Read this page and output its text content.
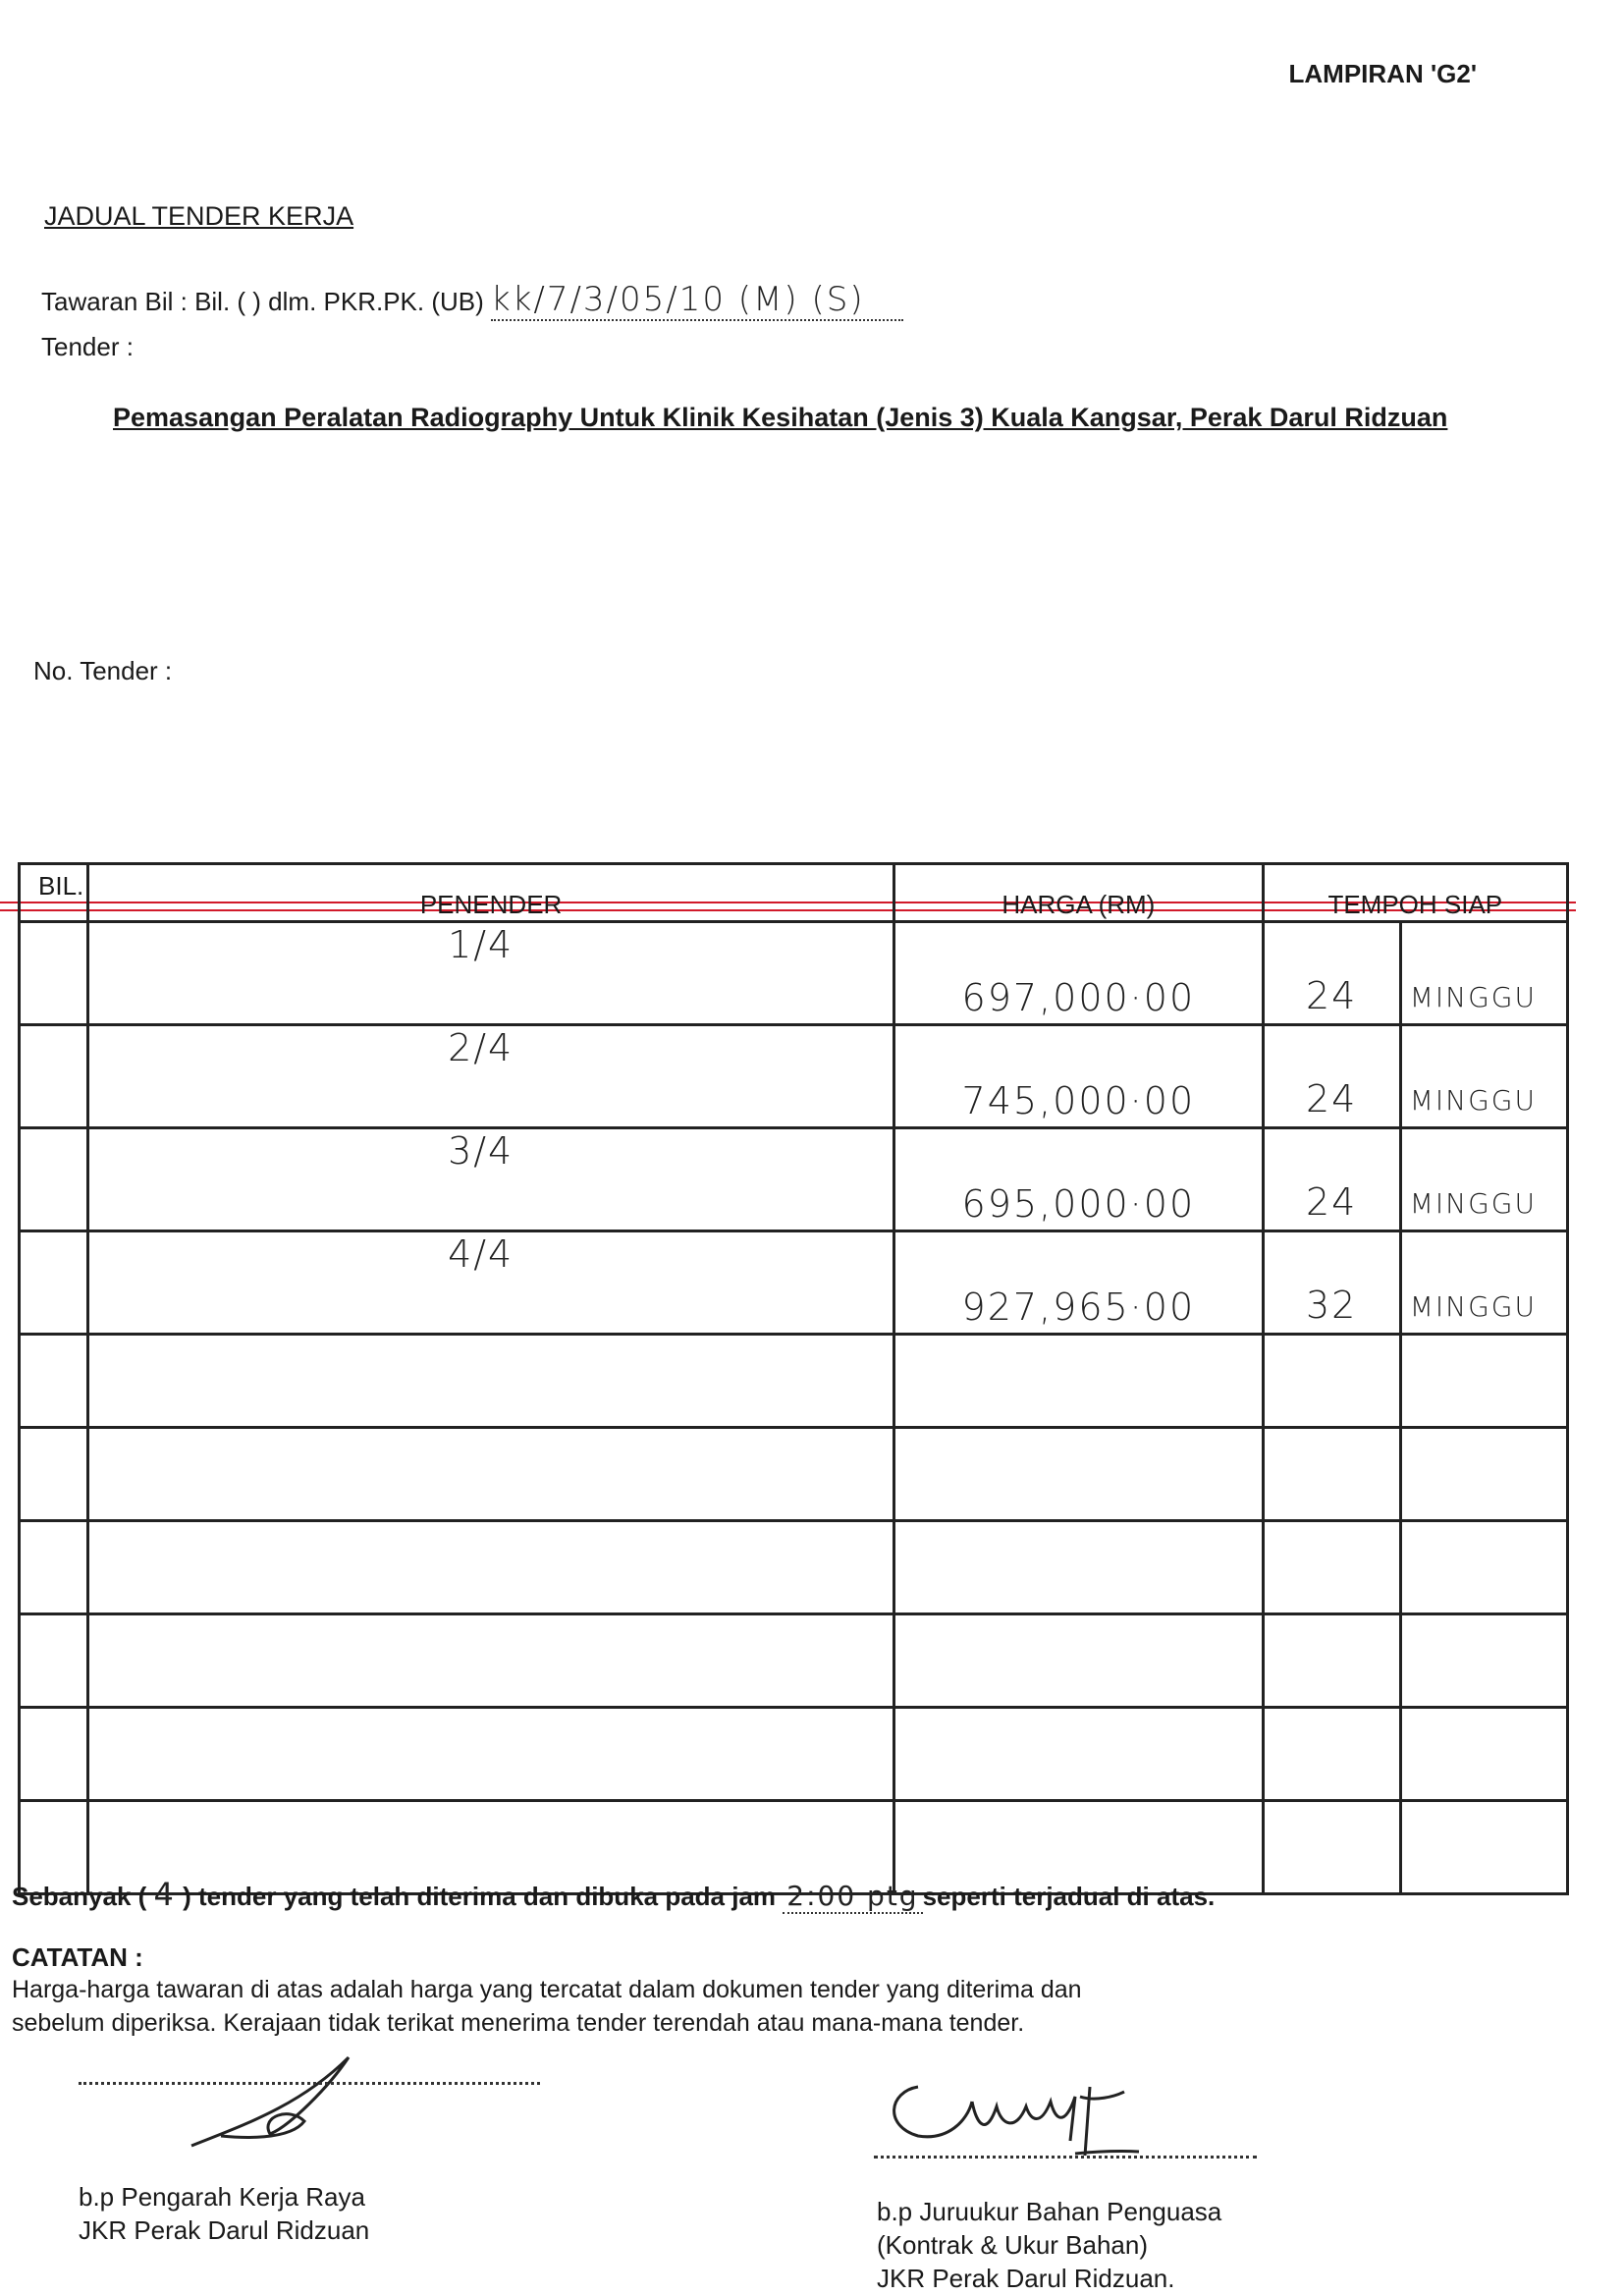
LAMPIRAN 'G2'
JADUAL TENDER KERJA
Tawaran Bil : Bil. ( ) dlm. PKR.PK. (UB) kk/7/3/05/10 (M) (S)
Tender :
Pemasangan Peralatan Radiography Untuk Klinik Kesihatan (Jenis 3) Kuala Kangsar, Perak Darul Ridzuan
No. Tender :
BIL.	PENENDER	HARGA (RM)	TEMPOH SIAP	
	1/4	697,000·00	24	MINGGU
	2/4	745,000·00	24	MINGGU
	3/4	695,000·00	24	MINGGU
	4/4	927,965·00	32	MINGGU

Sebanyak ( 4 ) tender yang telah diterima dan dibuka pada jam 2:00 ptg seperti terjadual di atas.
CATATAN :
Harga-harga tawaran di atas adalah harga yang tercatat dalam dokumen tender yang diterima dan
sebelum diperiksa. Kerajaan tidak terikat menerima tender terendah atau mana-mana tender.
b.p Pengarah Kerja Raya
JKR Perak Darul Ridzuan
b.p Juruukur Bahan Penguasa
(Kontrak & Ukur Bahan)
JKR Perak Darul Ridzuan.
